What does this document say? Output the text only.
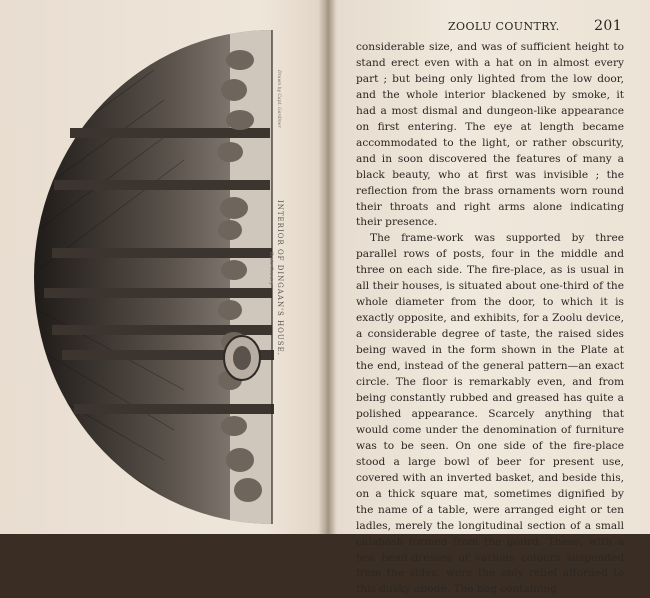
INTERIOR OF DINGAAN'S HOUSE.
Zoolu Country
Drawn by Capt. Gardiner
ZOOLU COUNTRY. 201

considerable size, and was of sufficient height to stand erect even with a hat on in almost every part ; but being only lighted from the low door, and the whole interior blackened by smoke, it had a most dismal and dungeon-like appearance on first entering. The eye at length became accommodated to the light, or rather obscurity, and in soon discovered the features of many a black beauty, who at first was invisible ; the reflection from the brass ornaments worn round their throats and right arms alone indicating their presence.

The frame-work was supported by three parallel rows of posts, four in the middle and three on each side. The fire-place, as is usual in all their houses, is situated about one-third of the whole diameter from the door, to which it is exactly opposite, and exhibits, for a Zoolu device, a considerable degree of taste, the raised sides being waved in the form shown in the Plate at the end, instead of the general pattern—an exact circle. The floor is remarkably even, and from being constantly rubbed and greased has quite a polished appearance. Scarcely anything that would come under the denomination of furniture was to be seen. On one side of the fire-place stood a large bowl of beer for present use, covered with an inverted basket, and beside this, on a thick square mat, sometimes dignified by the name of a table, were arranged eight or ten ladles, merely the longitudinal section of a small calabash formed from the gourd. These, with a few bead-dresses of various colours suspended from the sides, were the only relief afforded to this dusky abode. The bag containing
